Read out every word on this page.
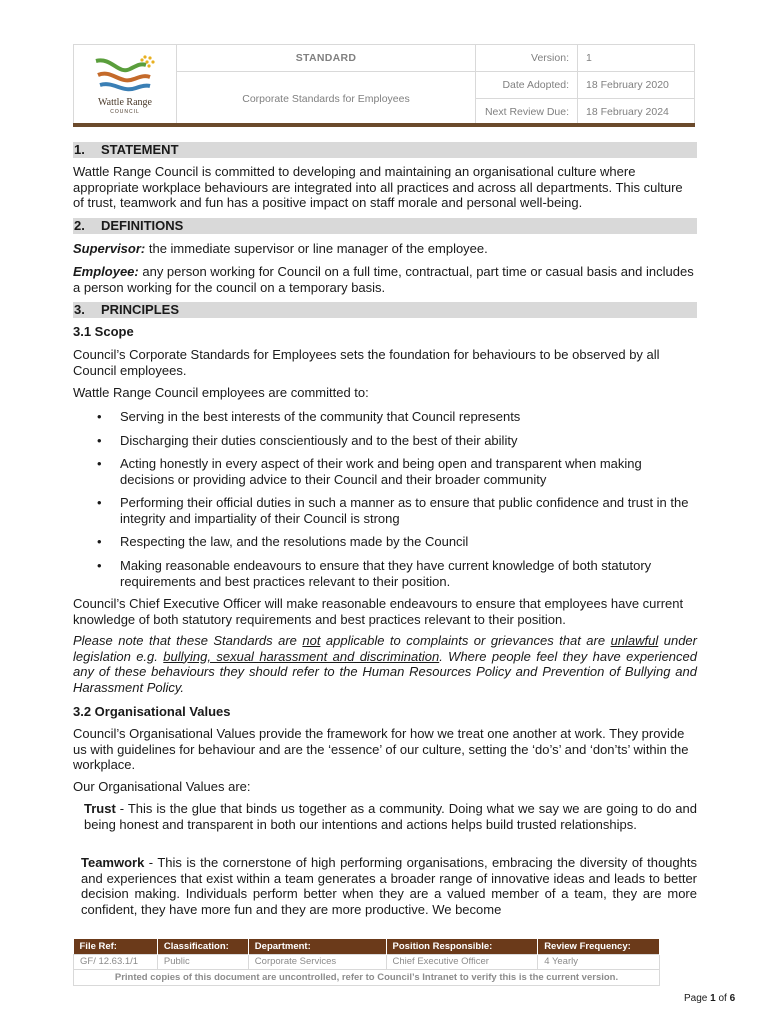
Wattle Range
COUNCIL	STANDARD	Version:	1
	Corporate Standards for Employees	Date Adopted:	18 February 2020
		Next Review Due:	18 February 2024
1. STATEMENT
Wattle Range Council is committed to developing and maintaining an organisational culture where appropriate workplace behaviours are integrated into all practices and across all departments. This culture of trust, teamwork and fun has a positive impact on staff morale and personal well-being.
2. DEFINITIONS
Supervisor: the immediate supervisor or line manager of the employee.
Employee: any person working for Council on a full time, contractual, part time or casual basis and includes a person working for the council on a temporary basis.
3. PRINCIPLES
3.1 Scope
Council’s Corporate Standards for Employees sets the foundation for behaviours to be observed by all Council employees.
Wattle Range Council employees are committed to:
• Serving in the best interests of the community that Council represents
• Discharging their duties conscientiously and to the best of their ability
• Acting honestly in every aspect of their work and being open and transparent when making decisions or providing advice to their Council and their broader community
• Performing their official duties in such a manner as to ensure that public confidence and trust in the integrity and impartiality of their Council is strong
• Respecting the law, and the resolutions made by the Council
• Making reasonable endeavours to ensure that they have current knowledge of both statutory requirements and best practices relevant to their position.
Council’s Chief Executive Officer will make reasonable endeavours to ensure that employees have current knowledge of both statutory requirements and best practices relevant to their position.
Please note that these Standards are not applicable to complaints or grievances that are unlawful under legislation e.g. bullying, sexual harassment and discrimination. Where people feel they have experienced any of these behaviours they should refer to the Human Resources Policy and Prevention of Bullying and Harassment Policy.
3.2 Organisational Values
Council’s Organisational Values provide the framework for how we treat one another at work. They provide us with guidelines for behaviour and are the ‘essence’ of our culture, setting the ‘do’s’ and ‘don’ts’ within the workplace.
Our Organisational Values are:
Trust - This is the glue that binds us together as a community. Doing what we say we are going to do and being honest and transparent in both our intentions and actions helps build trusted relationships.
Teamwork - This is the cornerstone of high performing organisations, embracing the diversity of thoughts and experiences that exist within a team generates a broader range of innovative ideas and leads to better decision making. Individuals perform better when they are a valued member of a team, they are more confident, they have more fun and they are more productive. We become
File Ref:	Classification:	Department:	Position Responsible:	Review Frequency:
GF/ 12.63.1/1	Public	Corporate Services	Chief Executive Officer	4 Yearly
Printed copies of this document are uncontrolled, refer to Council’s Intranet to verify this is the current version.
Page 1 of 6
